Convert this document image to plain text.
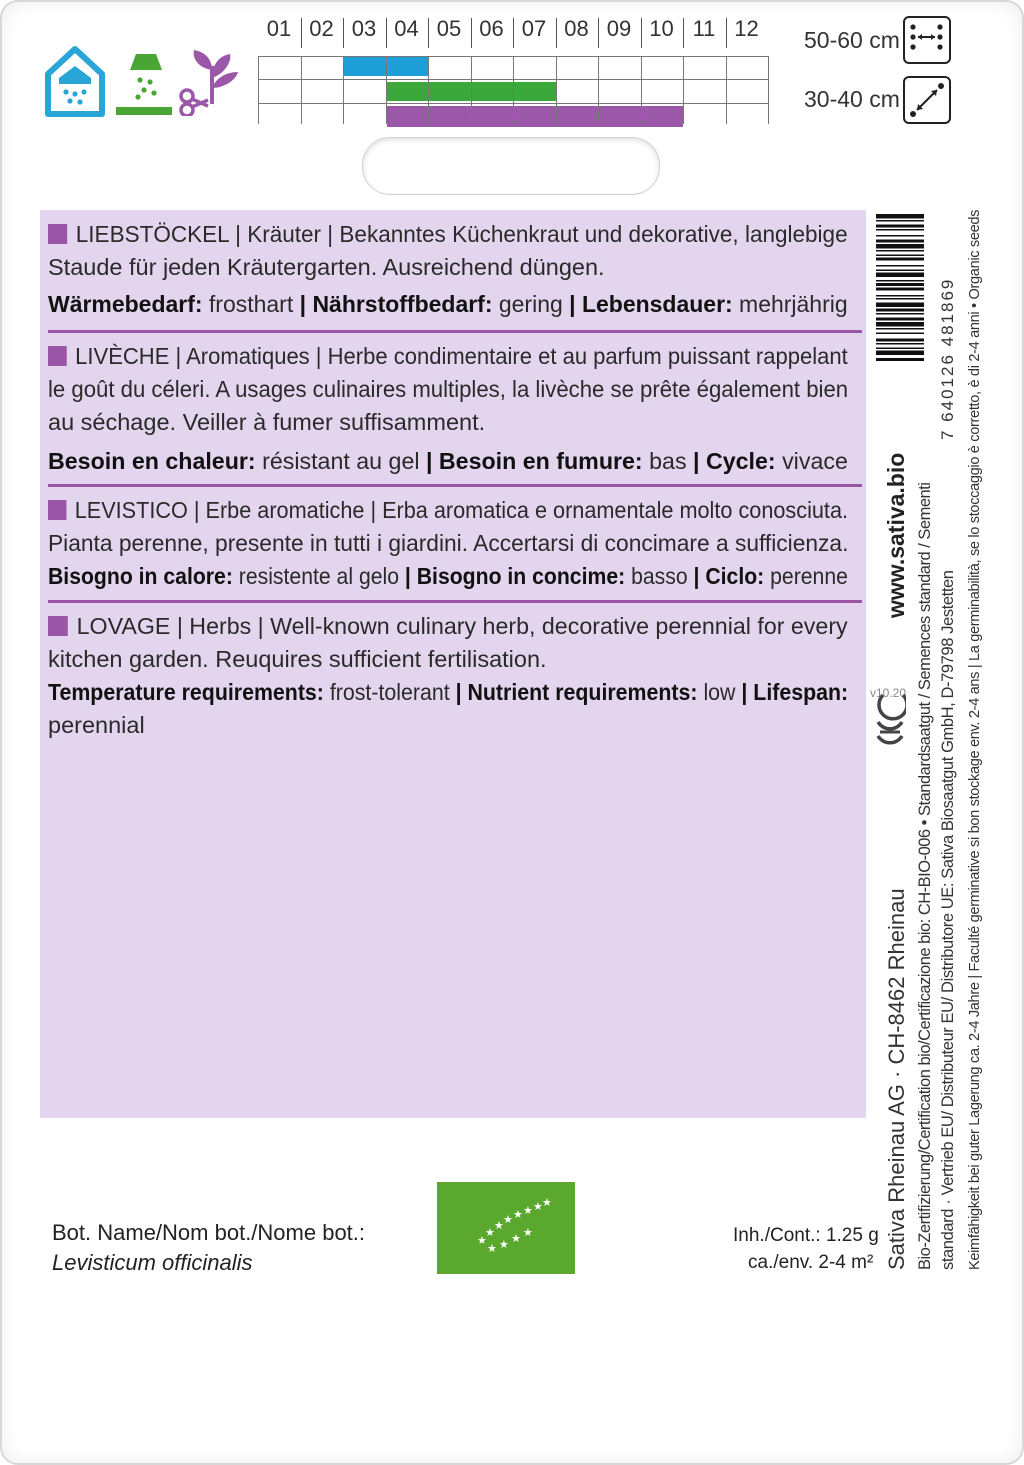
01 02 03 04 05 06 07 08 09 10 11 12	50-60 cm
30-40 cm
LIEBSTÖCKEL | Kräuter | Bekanntes Küchenkraut und dekorative, langlebige
Staude für jeden Kräutergarten. Ausreichend düngen.
Wärmebedarf: frosthart | Nährstoffbedarf: gering | Lebensdauer: mehrjährig
LIVÈCHE | Aromatiques | Herbe condimentaire et au parfum puissant rappelant
le goût du céleri. A usages culinaires multiples, la livèche se prête également bien
au séchage. Veiller à fumer suffisamment.
Besoin en chaleur: résistant au gel | Besoin en fumure: bas | Cycle: vivace
LEVISTICO | Erbe aromatiche | Erba aromatica e ornamentale molto conosciuta.
Pianta perenne, presente in tutti i giardini. Accertarsi di concimare a sufficienza.
Bisogno in calore: resistente al gelo | Bisogno in concime: basso | Ciclo: perenne
LOVAGE | Herbs | Well-known culinary herb, decorative perennial for every
kitchen garden. Reuquires sufficient fertilisation.
Temperature requirements: frost-tolerant | Nutrient requirements: low | Lifespan:
perennial
7 640126 481869 Keimfähigkeit bei guter Lagerung ca. 2-4 Jahre | Faculté germinative si bon stockage env. 2-4 ans | La germinabilità, se lo stoccaggio è corretto, è di 2-4 anni • Organic seeds
www.sativa.bio
v10.20
Sativa Rheinau AG · CH-8462 Rheinau Bio-Zertifizierung/Certification bio/Certificazione bio: CH-BIO-006 • Standardsaatgut / Semences standard / Sementi standard · Vertrieb EU/ Distributeur EU/ Distributore UE: Sativa Biosaatgut GmbH, D-79798 Jestetten
Bot. Name/Nom bot./Nome bot.:
Levisticum officinalis
★
★
★ ★ ★ ★ ★ ★
★ ★ ★ ★	Inh./Cont.: 1.25 g
ca./env. 2-4 m²
